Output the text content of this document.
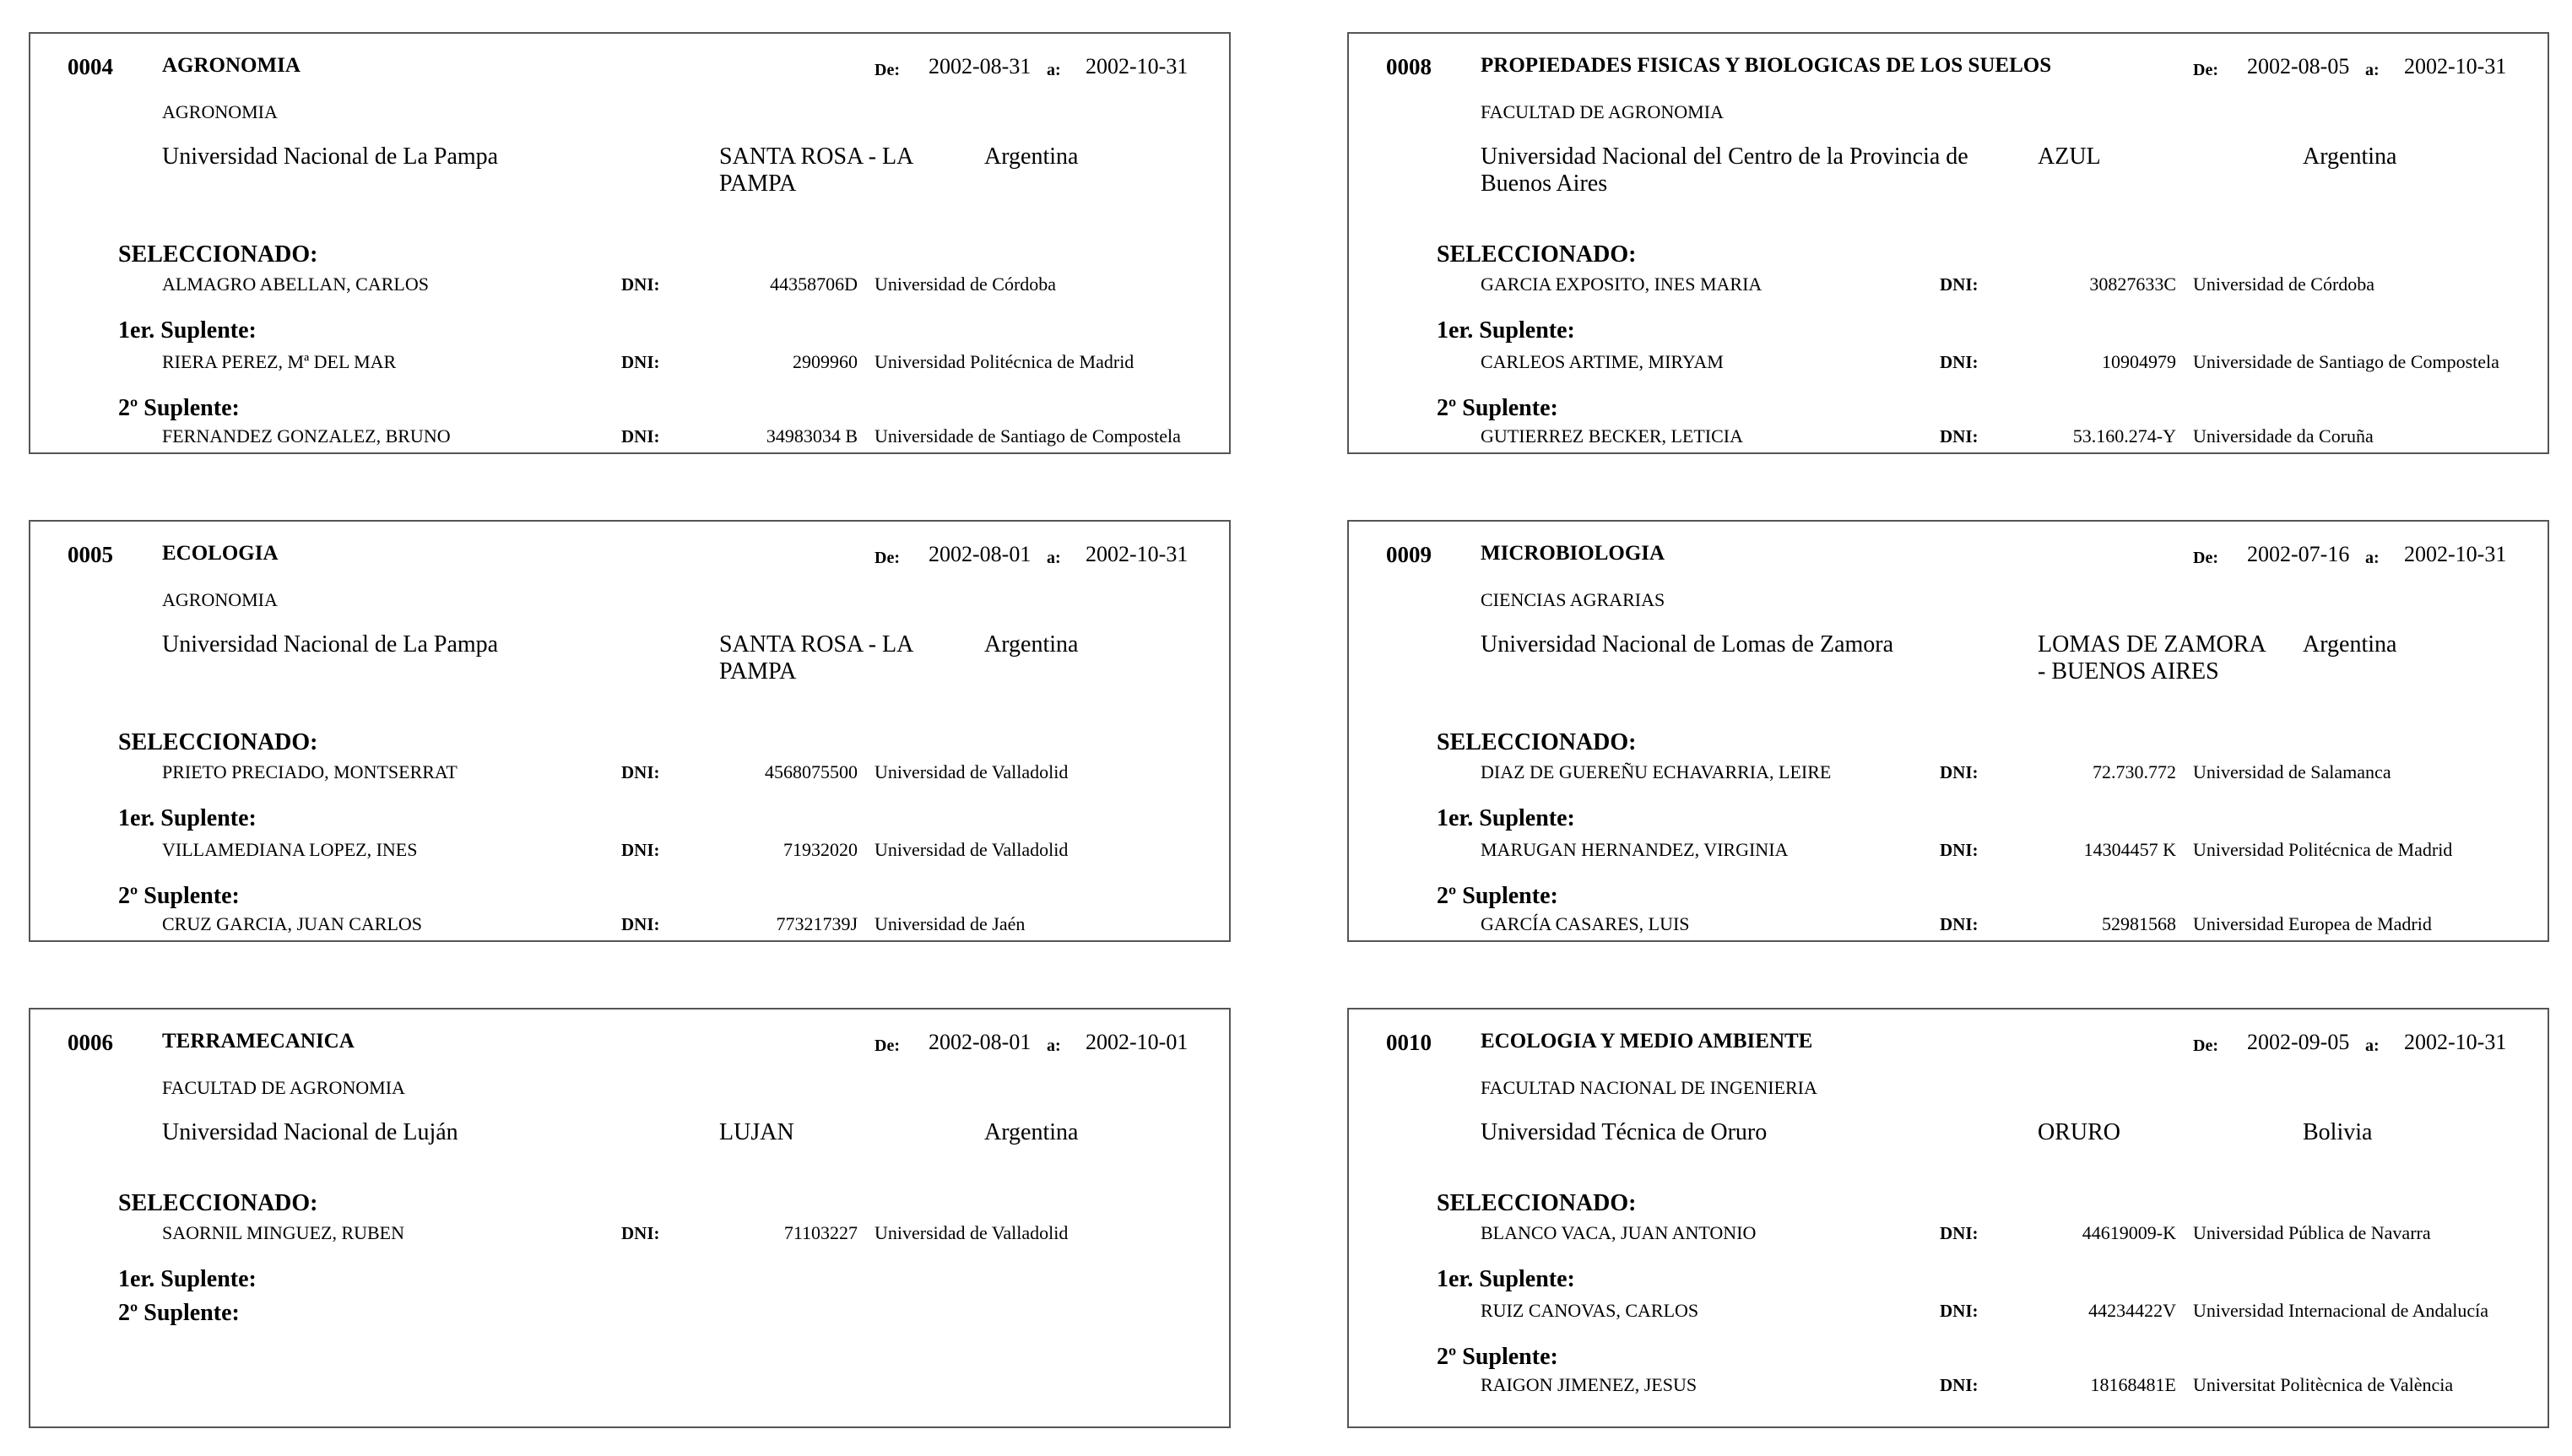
0004 AGRONOMIA	De: 2002-08-31 a: 2002-10-31
AGRONOMIA
Universidad Nacional de La Pampa	SANTA ROSA - LA PAMPA
Argentina
SELECCIONADO:
ALMAGRO ABELLAN, CARLOS	DNI:	44358706D Universidad de Córdoba
1er. Suplente:
RIERA PEREZ, Mª DEL MAR	DNI:	2909960 Universidad Politécnica de Madrid
2º Suplente:
FERNANDEZ GONZALEZ, BRUNO	DNI:	34983034 B Universidade de Santiago de Compostela
0005 ECOLOGIA	De: 2002-08-01 a: 2002-10-31
AGRONOMIA
Universidad Nacional de La Pampa	SANTA ROSA - LA PAMPA
Argentina
SELECCIONADO:
PRIETO PRECIADO, MONTSERRAT	DNI:	4568075500 Universidad de Valladolid
1er. Suplente:
VILLAMEDIANA LOPEZ, INES	DNI:	71932020 Universidad de Valladolid
2º Suplente:
CRUZ GARCIA, JUAN CARLOS	DNI:	77321739J Universidad de Jaén
0006 TERRAMECANICA	De: 2002-08-01 a: 2002-10-01
FACULTAD DE AGRONOMIA
Universidad Nacional de Luján	LUJAN	Argentina
SELECCIONADO:
SAORNIL MINGUEZ, RUBEN	DNI:	71103227 Universidad de Valladolid
1er. Suplente:
2º Suplente:
0008 PROPIEDADES FISICAS Y BIOLOGICAS DE LOS SUELOS	De: 2002-08-05 a: 2002-10-31
FACULTAD DE AGRONOMIA
Universidad Nacional del Centro de la Provincia de Buenos Aires
AZUL	Argentina
SELECCIONADO:
GARCIA EXPOSITO, INES MARIA	DNI:	30827633C Universidad de Córdoba
1er. Suplente:
CARLEOS ARTIME, MIRYAM	DNI:	10904979 Universidade de Santiago de Compostela
2º Suplente:
GUTIERREZ BECKER, LETICIA	DNI:	53.160.274-Y Universidade da Coruña
0009 MICROBIOLOGIA	De: 2002-07-16 a: 2002-10-31
CIENCIAS AGRARIAS
Universidad Nacional de Lomas de Zamora	LOMAS DE ZAMORA - BUENOS AIRES
Argentina
SELECCIONADO:
DIAZ DE GUEREÑU ECHAVARRIA, LEIRE	DNI:	72.730.772 Universidad de Salamanca
1er. Suplente:
MARUGAN HERNANDEZ, VIRGINIA	DNI:	14304457 K Universidad Politécnica de Madrid
2º Suplente:
GARCÍA CASARES, LUIS	DNI:	52981568 Universidad Europea de Madrid
0010 ECOLOGIA Y MEDIO AMBIENTE	De: 2002-09-05 a: 2002-10-31
FACULTAD NACIONAL DE INGENIERIA
Universidad Técnica de Oruro	ORURO	Bolivia
SELECCIONADO:
BLANCO VACA, JUAN ANTONIO	DNI:	44619009-K Universidad Pública de Navarra
1er. Suplente:
RUIZ CANOVAS, CARLOS	DNI:	44234422V Universidad Internacional de Andalucía
2º Suplente:
RAIGON JIMENEZ, JESUS	DNI:	18168481E Universitat Politècnica de València
